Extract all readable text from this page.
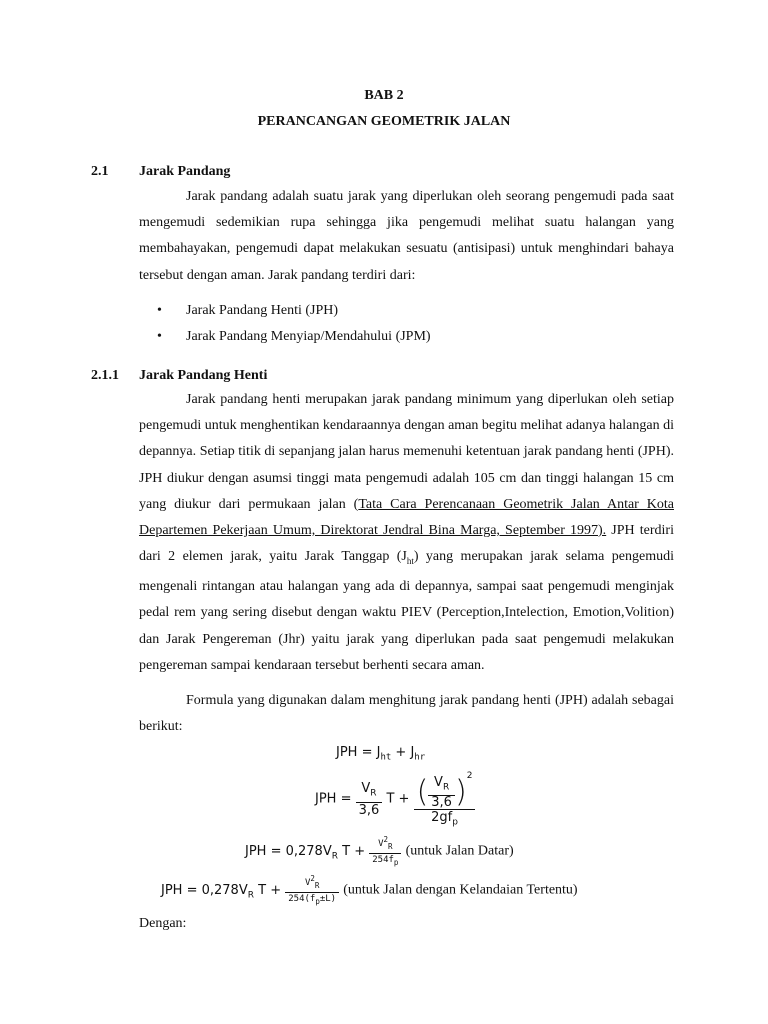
BAB 2
PERANCANGAN GEOMETRIK JALAN
2.1 Jarak Pandang
Jarak pandang adalah suatu jarak yang diperlukan oleh seorang pengemudi pada saat mengemudi sedemikian rupa sehingga jika pengemudi melihat suatu halangan yang membahayakan, pengemudi dapat melakukan sesuatu (antisipasi) untuk menghindari bahaya tersebut dengan aman. Jarak pandang terdiri dari:
• Jarak Pandang Henti (JPH)
• Jarak Pandang Menyiap/Mendahului (JPM)
2.1.1 Jarak Pandang Henti
Jarak pandang henti merupakan jarak pandang minimum yang diperlukan oleh setiap pengemudi untuk menghentikan kendaraannya dengan aman begitu melihat adanya halangan di depannya. Setiap titik di sepanjang jalan harus memenuhi ketentuan jarak pandang henti (JPH). JPH diukur dengan asumsi tinggi mata pengemudi adalah 105 cm dan tinggi halangan 15 cm yang diukur dari permukaan jalan (Tata Cara Perencanaan Geometrik Jalan Antar Kota Departemen Pekerjaan Umum, Direktorat Jendral Bina Marga, September 1997). JPH terdiri dari 2 elemen jarak, yaitu Jarak Tanggap $(J_{ht})$ yang merupakan jarak selama pengemudi mengenali rintangan atau halangan yang ada di depannya, sampai saat pengemudi menginjak pedal rem yang sering disebut dengan waktu PIEV (Perception,Intelection, Emotion,Volition) dan Jarak Pengereman (Jhr) yaitu jarak yang diperlukan pada saat pengemudi melakukan pengereman sampai kendaraan tersebut berhenti secara aman.
Formula yang digunakan dalam menghitung jarak pandang henti (JPH) adalah sebagai berikut:
JPH = $J_{ht} + J_{hr}$
JPH = $\frac{V_R}{3,6}$ $T + \frac{( \frac{V_R}{3,6} )^2}{2gf_p}$
JPH = $0,278V_R$ $T + \frac{V^2_R}{254f_p}$ (untuk Jalan Datar)
JPH = $0,278V_R$ $T + \frac{V^2_R}{254(f_p\pm L)}$ (untuk Jalan dengan Kelandaian Tertentu)
Dengan:
